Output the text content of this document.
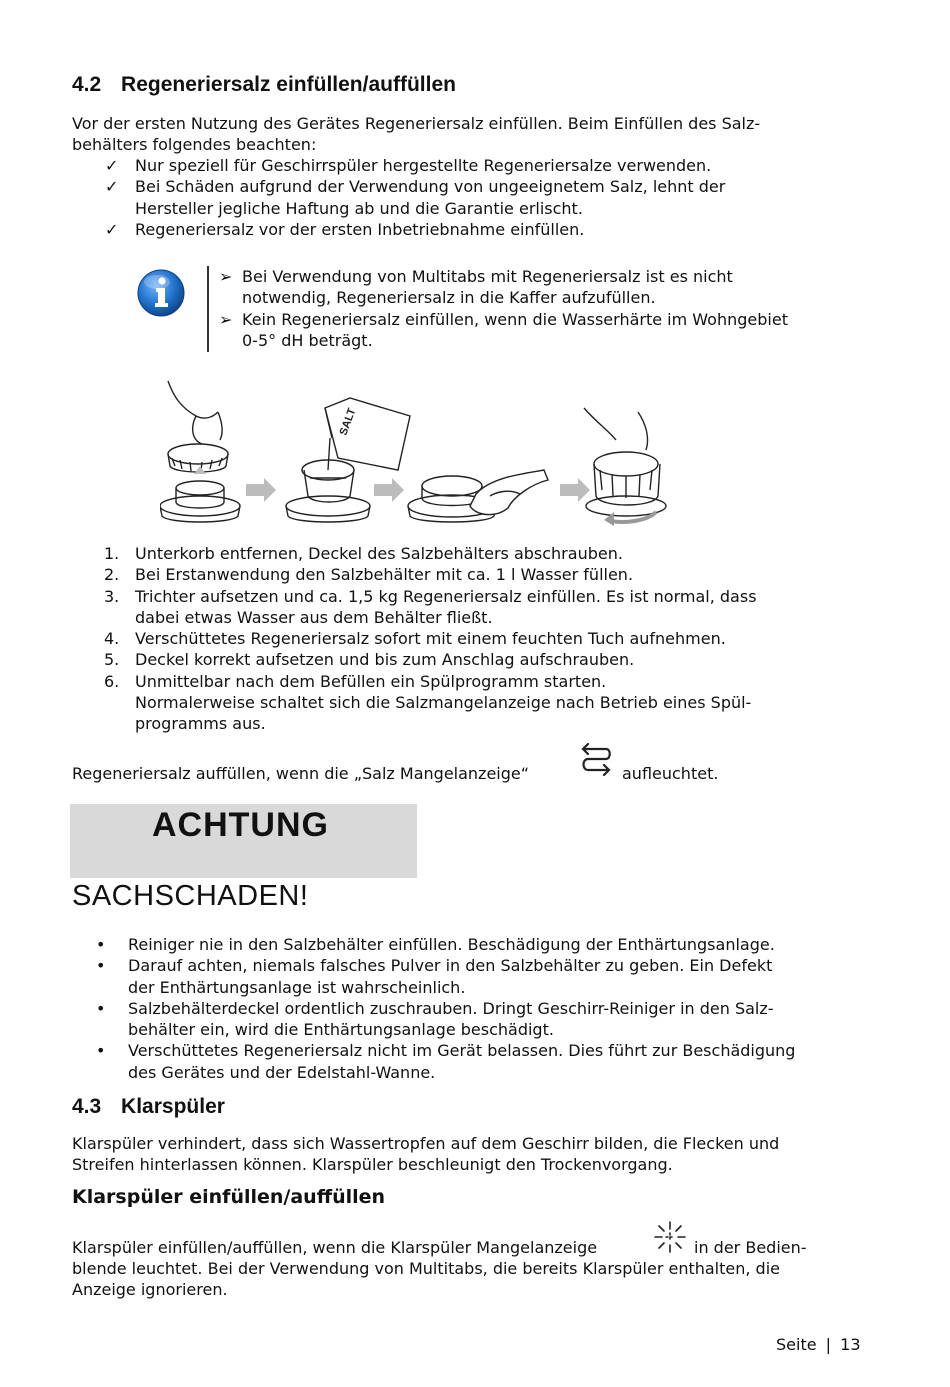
4.2 Regeneriersalz einfüllen/auffüllen
Vor der ersten Nutzung des Gerätes Regeneriersalz einfüllen. Beim Einfüllen des Salz-
behälters folgendes beachten:
✓ Nur speziell für Geschirrspüler hergestellte Regeneriersalze verwenden.
✓ Bei Schäden aufgrund der Verwendung von ungeeignetem Salz, lehnt der
Hersteller jegliche Haftung ab und die Garantie erlischt.
✓ Regeneriersalz vor der ersten Inbetriebnahme einfüllen.
➢ Bei Verwendung von Multitabs mit Regeneriersalz ist es nicht
notwendig, Regeneriersalz in die Kaffer aufzufüllen.
➢ Kein Regeneriersalz einfüllen, wenn die Wasserhärte im Wohngebiet
0-5° dH beträgt.
SALT
1. Unterkorb entfernen, Deckel des Salzbehälters abschrauben.
2. Bei Erstanwendung den Salzbehälter mit ca. 1 l Wasser füllen.
3. Trichter aufsetzen und ca. 1,5 kg Regeneriersalz einfüllen. Es ist normal, dass
dabei etwas Wasser aus dem Behälter fließt.
4. Verschüttetes Regeneriersalz sofort mit einem feuchten Tuch aufnehmen.
5. Deckel korrekt aufsetzen und bis zum Anschlag aufschrauben.
6. Unmittelbar nach dem Befüllen ein Spülprogramm starten.
Normalerweise schaltet sich die Salzmangelanzeige nach Betrieb eines Spül-
programms aus.
Regeneriersalz auffüllen, wenn die „Salz Mangelanzeige“	aufleuchtet.
ACHTUNG
SACHSCHADEN!
• Reiniger nie in den Salzbehälter einfüllen. Beschädigung der Enthärtungsanlage.
• Darauf achten, niemals falsches Pulver in den Salzbehälter zu geben. Ein Defekt
der Enthärtungsanlage ist wahrscheinlich.
• Salzbehälterdeckel ordentlich zuschrauben. Dringt Geschirr-Reiniger in den Salz-
behälter ein, wird die Enthärtungsanlage beschädigt.
• Verschüttetes Regeneriersalz nicht im Gerät belassen. Dies führt zur Beschädigung
des Gerätes und der Edelstahl-Wanne.
4.3 Klarspüler
Klarspüler verhindert, dass sich Wassertropfen auf dem Geschirr bilden, die Flecken und
Streifen hinterlassen können. Klarspüler beschleunigt den Trockenvorgang.
Klarspüler einfüllen/auffüllen
Klarspüler einfüllen/auffüllen, wenn die Klarspüler Mangelanzeige	in der Bedien-
blende leuchtet. Bei der Verwendung von Multitabs, die bereits Klarspüler enthalten, die
Anzeige ignorieren.
Seite | 13
